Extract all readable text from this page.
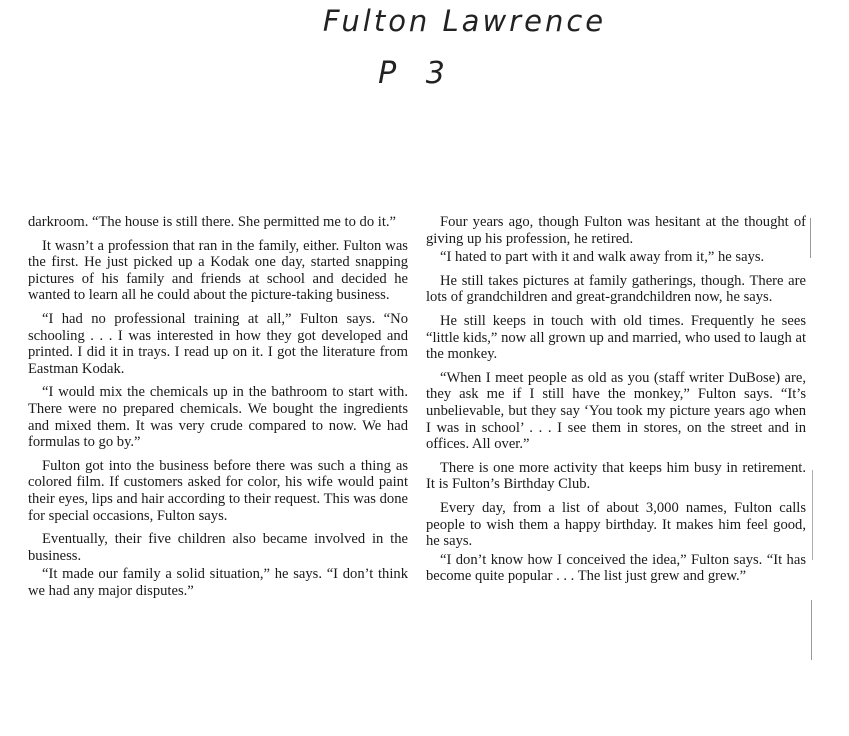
Fulton Lawrence
P 3

darkroom. “The house is still there. She permitted me to do it.”

It wasn’t a profession that ran in the family, either. Fulton was the first. He just picked up a Kodak one day, started snapping pictures of his family and friends at school and decided he wanted to learn all he could about the picture-taking business.

“I had no professional training at all,” Fulton says. “No schooling . . . I was interested in how they got developed and printed. I did it in trays. I read up on it. I got the literature from Eastman Kodak.

“I would mix the chemicals up in the bathroom to start with. There were no prepared chemicals. We bought the ingredients and mixed them. It was very crude compared to now. We had formulas to go by.”

Fulton got into the business before there was such a thing as colored film. If customers asked for color, his wife would paint their eyes, lips and hair according to their request. This was done for special occasions, Fulton says.

Eventually, their five children also became involved in the business.

“It made our family a solid situation,” he says. “I don’t think we had any major disputes.”

Four years ago, though Fulton was hesitant at the thought of giving up his profession, he retired.

“I hated to part with it and walk away from it,” he says.

He still takes pictures at family gatherings, though. There are lots of grandchildren and great-grandchildren now, he says.

He still keeps in touch with old times. Frequently he sees “little kids,” now all grown up and married, who used to laugh at the monkey.

“When I meet people as old as you (staff writer DuBose) are, they ask me if I still have the monkey,” Fulton says. “It’s unbelievable, but they say ‘You took my picture years ago when I was in school’ . . . I see them in stores, on the street and in offices. All over.”

There is one more activity that keeps him busy in retirement. It is Fulton’s Birthday Club.

Every day, from a list of about 3,000 names, Fulton calls people to wish them a happy birthday. It makes him feel good, he says.

“I don’t know how I conceived the idea,” Fulton says. “It has become quite popular . . . The list just grew and grew.”
